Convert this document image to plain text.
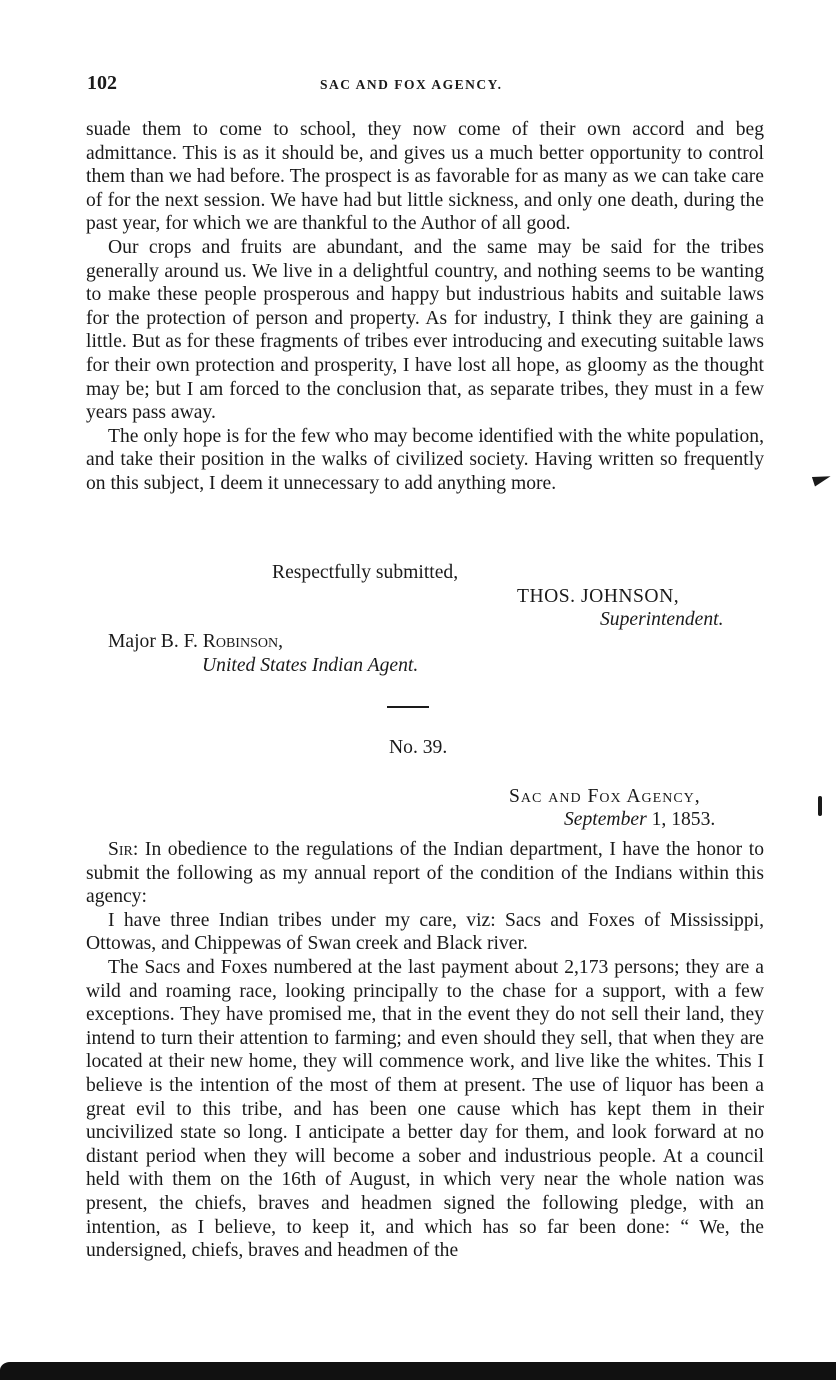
102	SAC AND FOX AGENCY.

suade them to come to school, they now come of their own accord and beg admittance. This is as it should be, and gives us a much better opportunity to control them than we had before. The prospect is as favorable for as many as we can take care of for the next session. We have had but little sickness, and only one death, during the past year, for which we are thankful to the Author of all good.

Our crops and fruits are abundant, and the same may be said for the tribes generally around us. We live in a delightful country, and nothing seems to be wanting to make these people prosperous and happy but industrious habits and suitable laws for the protection of person and property. As for industry, I think they are gaining a little. But as for these fragments of tribes ever introducing and executing suitable laws for their own protection and prosperity, I have lost all hope, as gloomy as the thought may be; but I am forced to the conclusion that, as separate tribes, they must in a few years pass away.

The only hope is for the few who may become identified with the white population, and take their position in the walks of civilized society. Having written so frequently on this subject, I deem it unnecessary to add anything more.

Respectfully submitted,
THOS. JOHNSON,
Superintendent.
Major B. F. Robinson,
United States Indian Agent.
No. 39.
Sac and Fox Agency,
September 1, 1853.

Sir: In obedience to the regulations of the Indian department, I have the honor to submit the following as my annual report of the condition of the Indians within this agency:

I have three Indian tribes under my care, viz: Sacs and Foxes of Mississippi, Ottowas, and Chippewas of Swan creek and Black river.

The Sacs and Foxes numbered at the last payment about 2,173 persons; they are a wild and roaming race, looking principally to the chase for a support, with a few exceptions. They have promised me, that in the event they do not sell their land, they intend to turn their attention to farming; and even should they sell, that when they are located at their new home, they will commence work, and live like the whites. This I believe is the intention of the most of them at present. The use of liquor has been a great evil to this tribe, and has been one cause which has kept them in their uncivilized state so long. I anticipate a better day for them, and look forward at no distant period when they will become a sober and industrious people. At a council held with them on the 16th of August, in which very near the whole nation was present, the chiefs, braves and headmen signed the following pledge, with an intention, as I believe, to keep it, and which has so far been done: “ We, the undersigned, chiefs, braves and headmen of the
